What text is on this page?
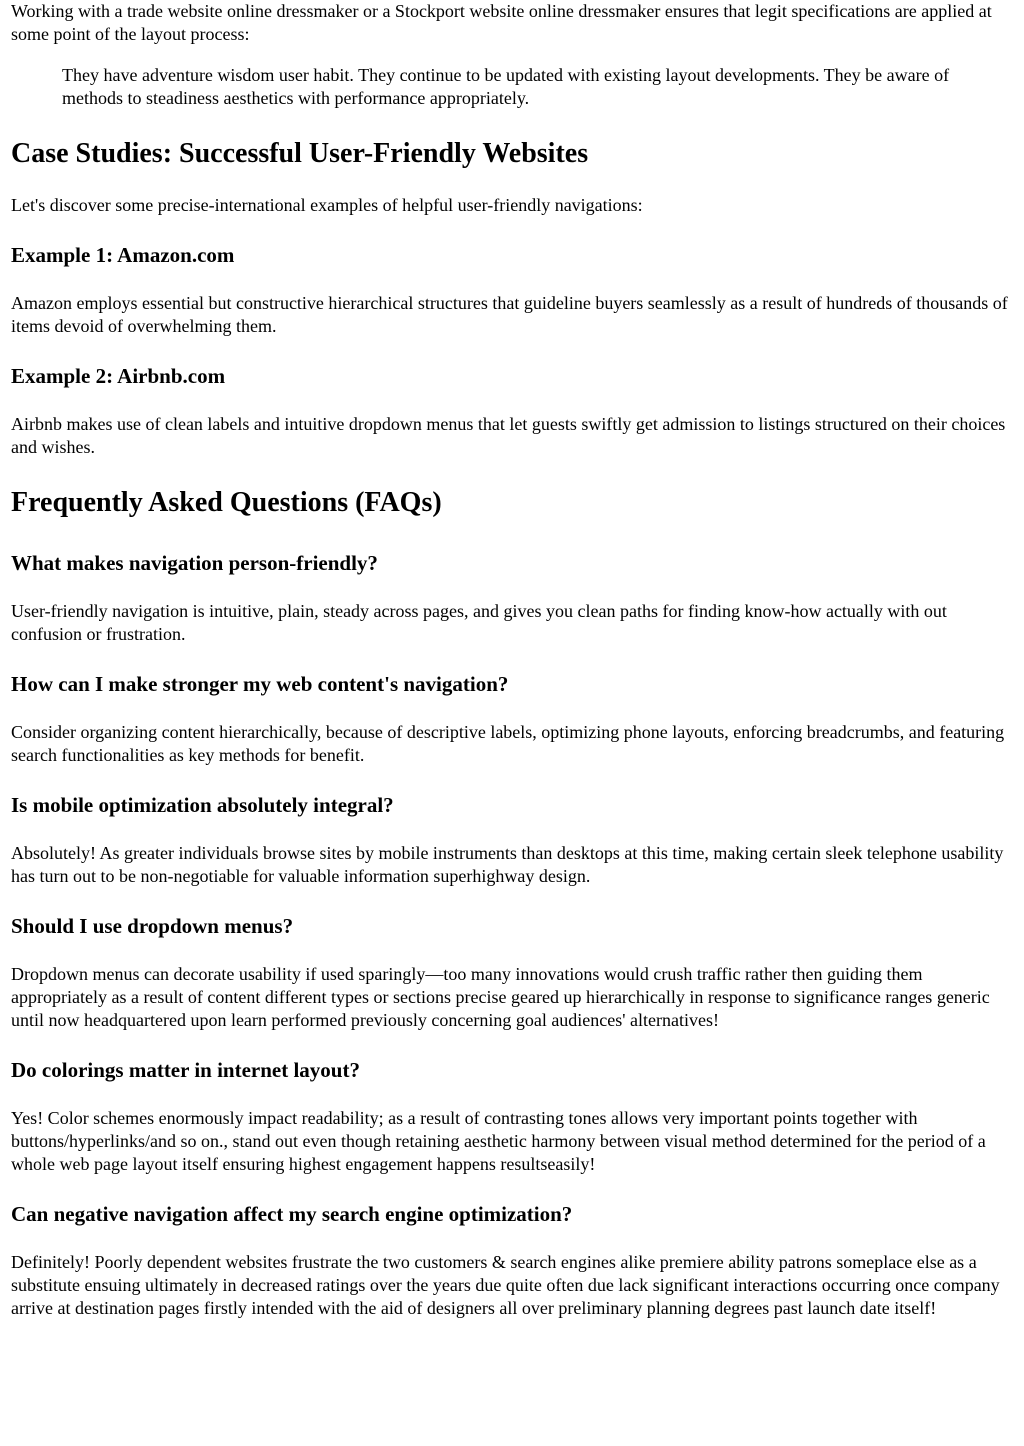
Working with a trade website online dressmaker or a Stockport website online dressmaker ensures that legit specifications are applied at some point of the layout process:

They have adventure wisdom user habit. They continue to be updated with existing layout developments. They be aware of methods to steadiness aesthetics with performance appropriately.

Case Studies: Successful User-Friendly Websites

Let's discover some precise-international examples of helpful user-friendly navigations:

Example 1: Amazon.com

Amazon employs essential but constructive hierarchical structures that guideline buyers seamlessly as a result of hundreds of thousands of items devoid of overwhelming them.

Example 2: Airbnb.com

Airbnb makes use of clean labels and intuitive dropdown menus that let guests swiftly get admission to listings structured on their choices and wishes.

Frequently Asked Questions (FAQs)
What makes navigation person-friendly?

User-friendly navigation is intuitive, plain, steady across pages, and gives you clean paths for finding know-how actually with out confusion or frustration.

How can I make stronger my web content's navigation?

Consider organizing content hierarchically, because of descriptive labels, optimizing phone layouts, enforcing breadcrumbs, and featuring search functionalities as key methods for benefit.

Is mobile optimization absolutely integral?

Absolutely! As greater individuals browse sites by mobile instruments than desktops at this time, making certain sleek telephone usability has turn out to be non-negotiable for valuable information superhighway design.

Should I use dropdown menus?

Dropdown menus can decorate usability if used sparingly—too many innovations would crush traffic rather then guiding them appropriately as a result of content different types or sections precise geared up hierarchically in response to significance ranges generic until now headquartered upon learn performed previously concerning goal audiences' alternatives!

Do colorings matter in internet layout?

Yes! Color schemes enormously impact readability; as a result of contrasting tones allows very important points together with buttons/hyperlinks/and so on., stand out even though retaining aesthetic harmony between visual method determined for the period of a whole web page layout itself ensuring highest engagement happens resultseasily!

Can negative navigation affect my search engine optimization?

Definitely! Poorly dependent websites frustrate the two customers & search engines alike premiere ability patrons someplace else as a substitute ensuing ultimately in decreased ratings over the years due quite often due lack significant interactions occurring once company arrive at destination pages firstly intended with the aid of designers all over preliminary planning degrees past launch date itself!
